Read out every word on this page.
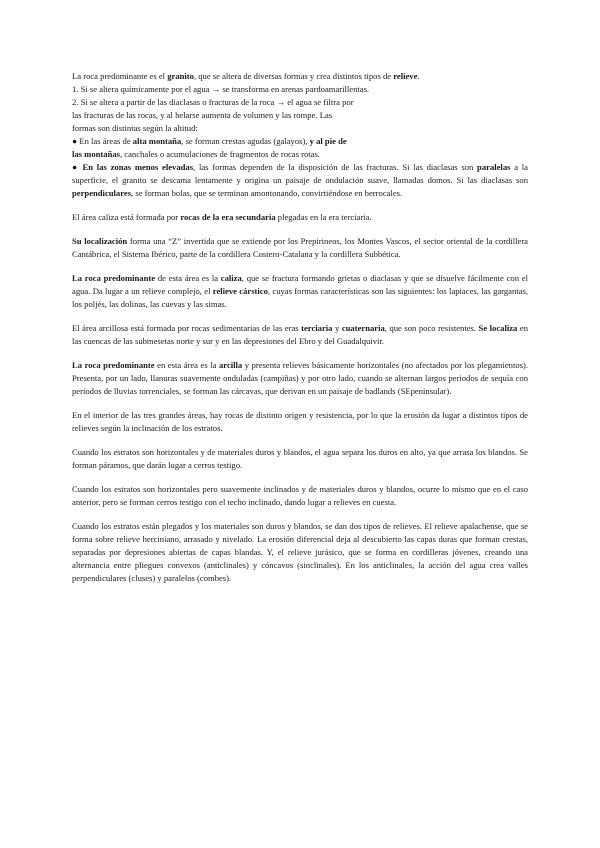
La roca predominante es el granito, que se altera de diversas formas y crea distintos tipos de relieve.

1. Si se altera químicamente por el agua → se transforma en arenas pardoamarillentas.

2. Si se altera a partir de las diaclasas o fracturas de la roca → el agua se filtra por

las fracturas de las rocas, y al helarse aumenta de volumen y las rompe. Las

formas son distintas según la altitud:

● En las áreas de alta montaña, se forman crestas agudas (galayos), y al pie de
las montañas, canchales o acumulaciones de fragmentos de rocas rotas.

● En las zonas menos elevadas, las formas dependen de la disposición de las fracturas. Si las diaclasas son paralelas a la superficie, el granito se descama lentamente y origina un paisaje de ondulación suave, llamadas domos. Si las diaclasas son perpendiculares, se forman bolas, que se terminan amontonando, convirtiéndose en berrocales.

El área caliza está formada por rocas de la era secundaria plegadas en la era terciaria.

Su localización forma una “Z” invertida que se extiende por los Prepirineos, los Montes Vascos, el sector oriental de la cordillera Cantábrica, el Sistema Ibérico, parte de la cordillera Costero-Catalana y la cordillera Subbética.

La roca predominante de esta área es la caliza, que se fractura formando grietas o diaclasas y que se disuelve fácilmente con el agua. Da lugar a un relieve complejo, el relieve cárstico, cuyas formas características son las siguientes: los lapiaces, las gargantas, los poljés, las dolinas, las cuevas y las simas.

El área arcillosa está formada por rocas sedimentarias de las eras terciaria y cuaternaria, que son poco resistentes. Se localiza en las cuencas de las submesetas norte y sur y en las depresiones del Ebro y del Guadalquivir.

La roca predominante en esta área es la arcilla y presenta relieves básicamente horizontales (no afectados por los plegamientos). Presenta, por un lado, llanuras suavemente onduladas (campiñas) y por otro lado, cuando se alternan largos periodos de sequía con periodos de lluvias torrenciales, se forman las cárcavas, que derivan en un paisaje de badlands (SEpeninsular).

En el interior de las tres grandes áreas, hay rocas de distinto origen y resistencia, por lo que la erosión da lugar a distintos tipos de relieves según la inclinación de los estratos.

Cuando los estratos son horizontales y de materiales duros y blandos, el agua separa los duros en alto, ya que arrasa los blandos. Se forman páramos, que darán lugar a cerros testigo.

Cuando los estratos son horizontales pero suavemente inclinados y de materiales duros y blandos, ocurre lo mismo que en el caso anterior, pero se forman cerros testigo con el techo inclinado, dando lugar a relieves en cuesta.

Cuando los estratos están plegados y los materiales son duros y blandos, se dan dos tipos de relieves. El relieve apalachense, que se forma sobre relieve herciniano, arrasado y nivelado. La erosión diferencial deja al descubierto las capas duras que forman crestas, separadas por depresiones abiertas de capas blandas. Y, el relieve jurásico, que se forma en cordilleras jóvenes, creando una alternancia entre pliegues convexos (anticlinales) y cóncavos (sinclinales). En los anticlinales, la acción del agua crea valles perpendiculares (cluses) y paralelos (combes).
